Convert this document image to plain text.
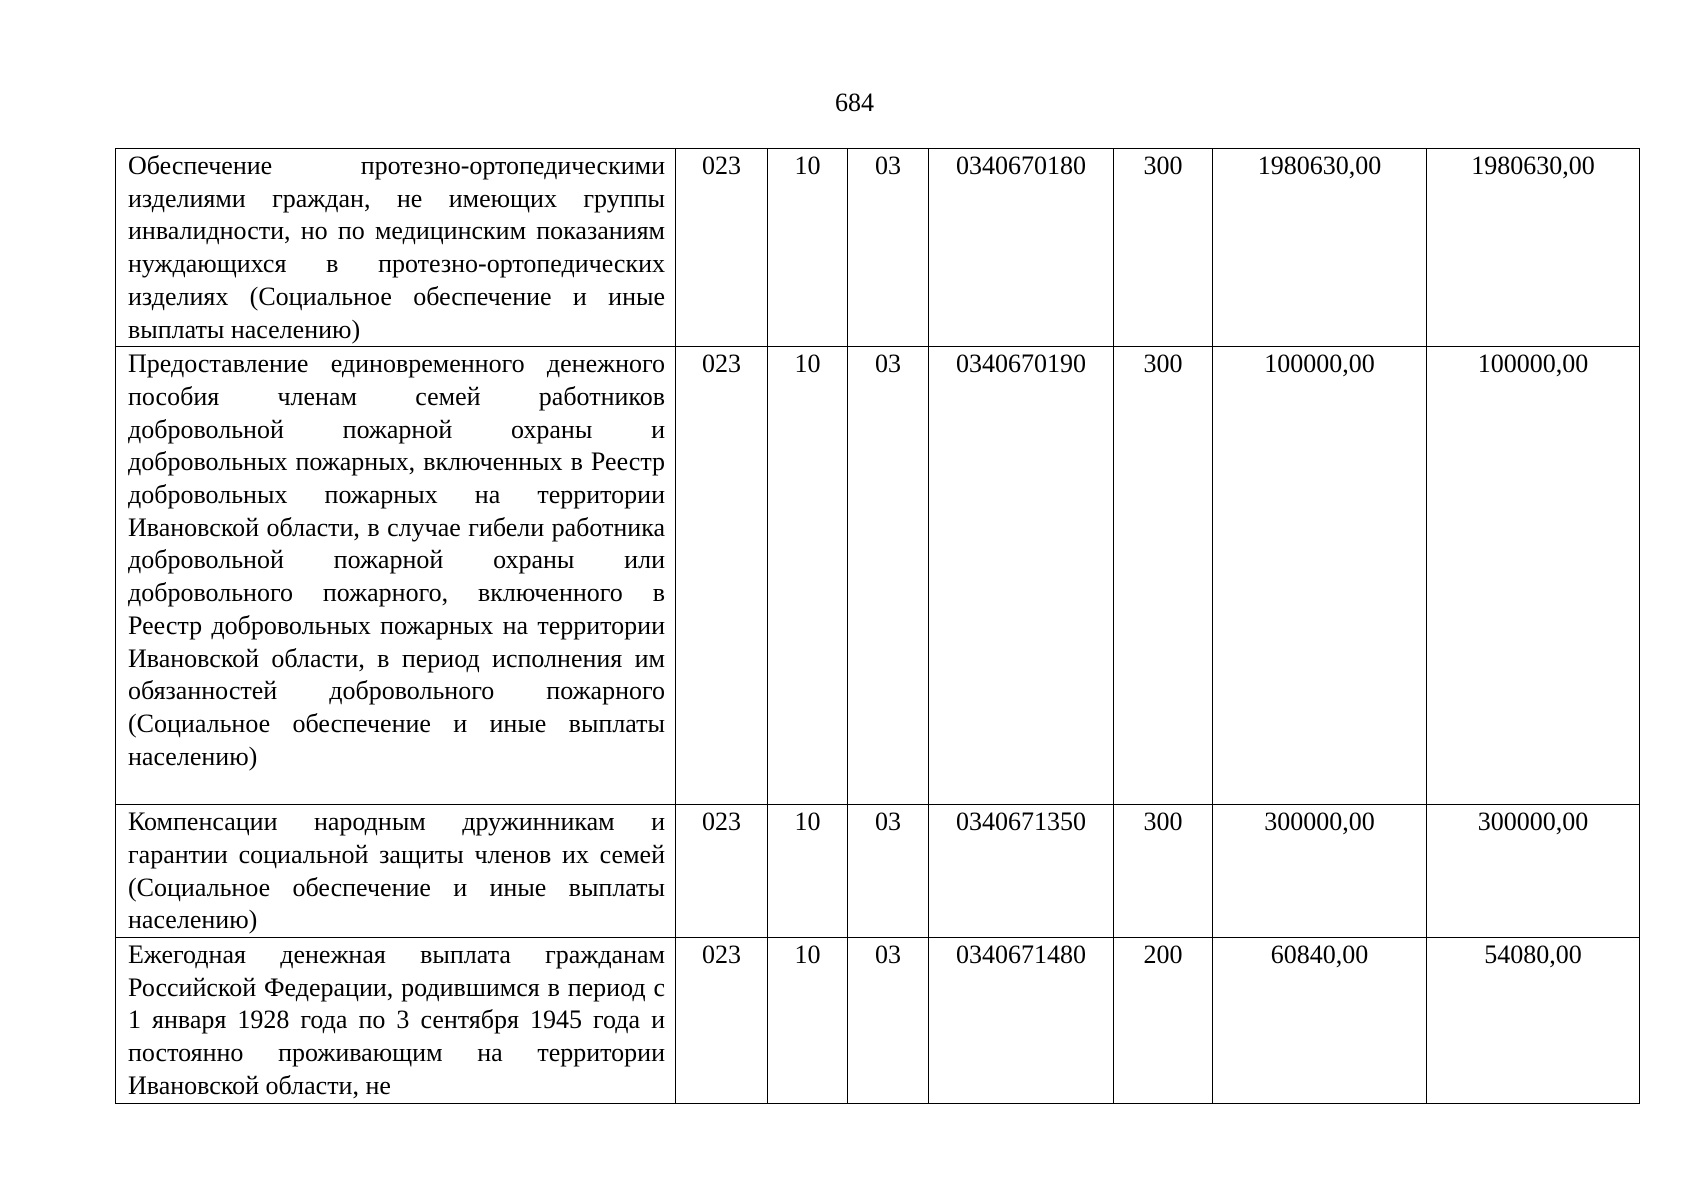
684
Обеспечение протезно-ортопедическими изделиями граждан, не имеющих группы инвалидности, но по медицинским показаниям нуждающихся в протезно-ортопедических изделиях (Социальное обеспечение и иные выплаты населению)	023	10	03	0340670180	300	1980630,00	1980630,00
Предоставление единовременного денежного пособия членам семей работников добровольной пожарной охраны и добровольных пожарных, включенных в Реестр добровольных пожарных на территории Ивановской области, в случае гибели работника добровольной пожарной охраны или добровольного пожарного, включенного в Реестр добровольных пожарных на территории Ивановской области, в период исполнения им обязанностей добровольного пожарного (Социальное обеспечение и иные выплаты населению)	023	10	03	0340670190	300	100000,00	100000,00
Компенсации народным дружинникам и гарантии социальной защиты членов их семей (Социальное обеспечение и иные выплаты населению)	023	10	03	0340671350	300	300000,00	300000,00
Ежегодная денежная выплата гражданам Российской Федерации, родившимся в период с 1 января 1928 года по 3 сентября 1945 года и постоянно проживающим на территории Ивановской области, не	023	10	03	0340671480	200	60840,00	54080,00
